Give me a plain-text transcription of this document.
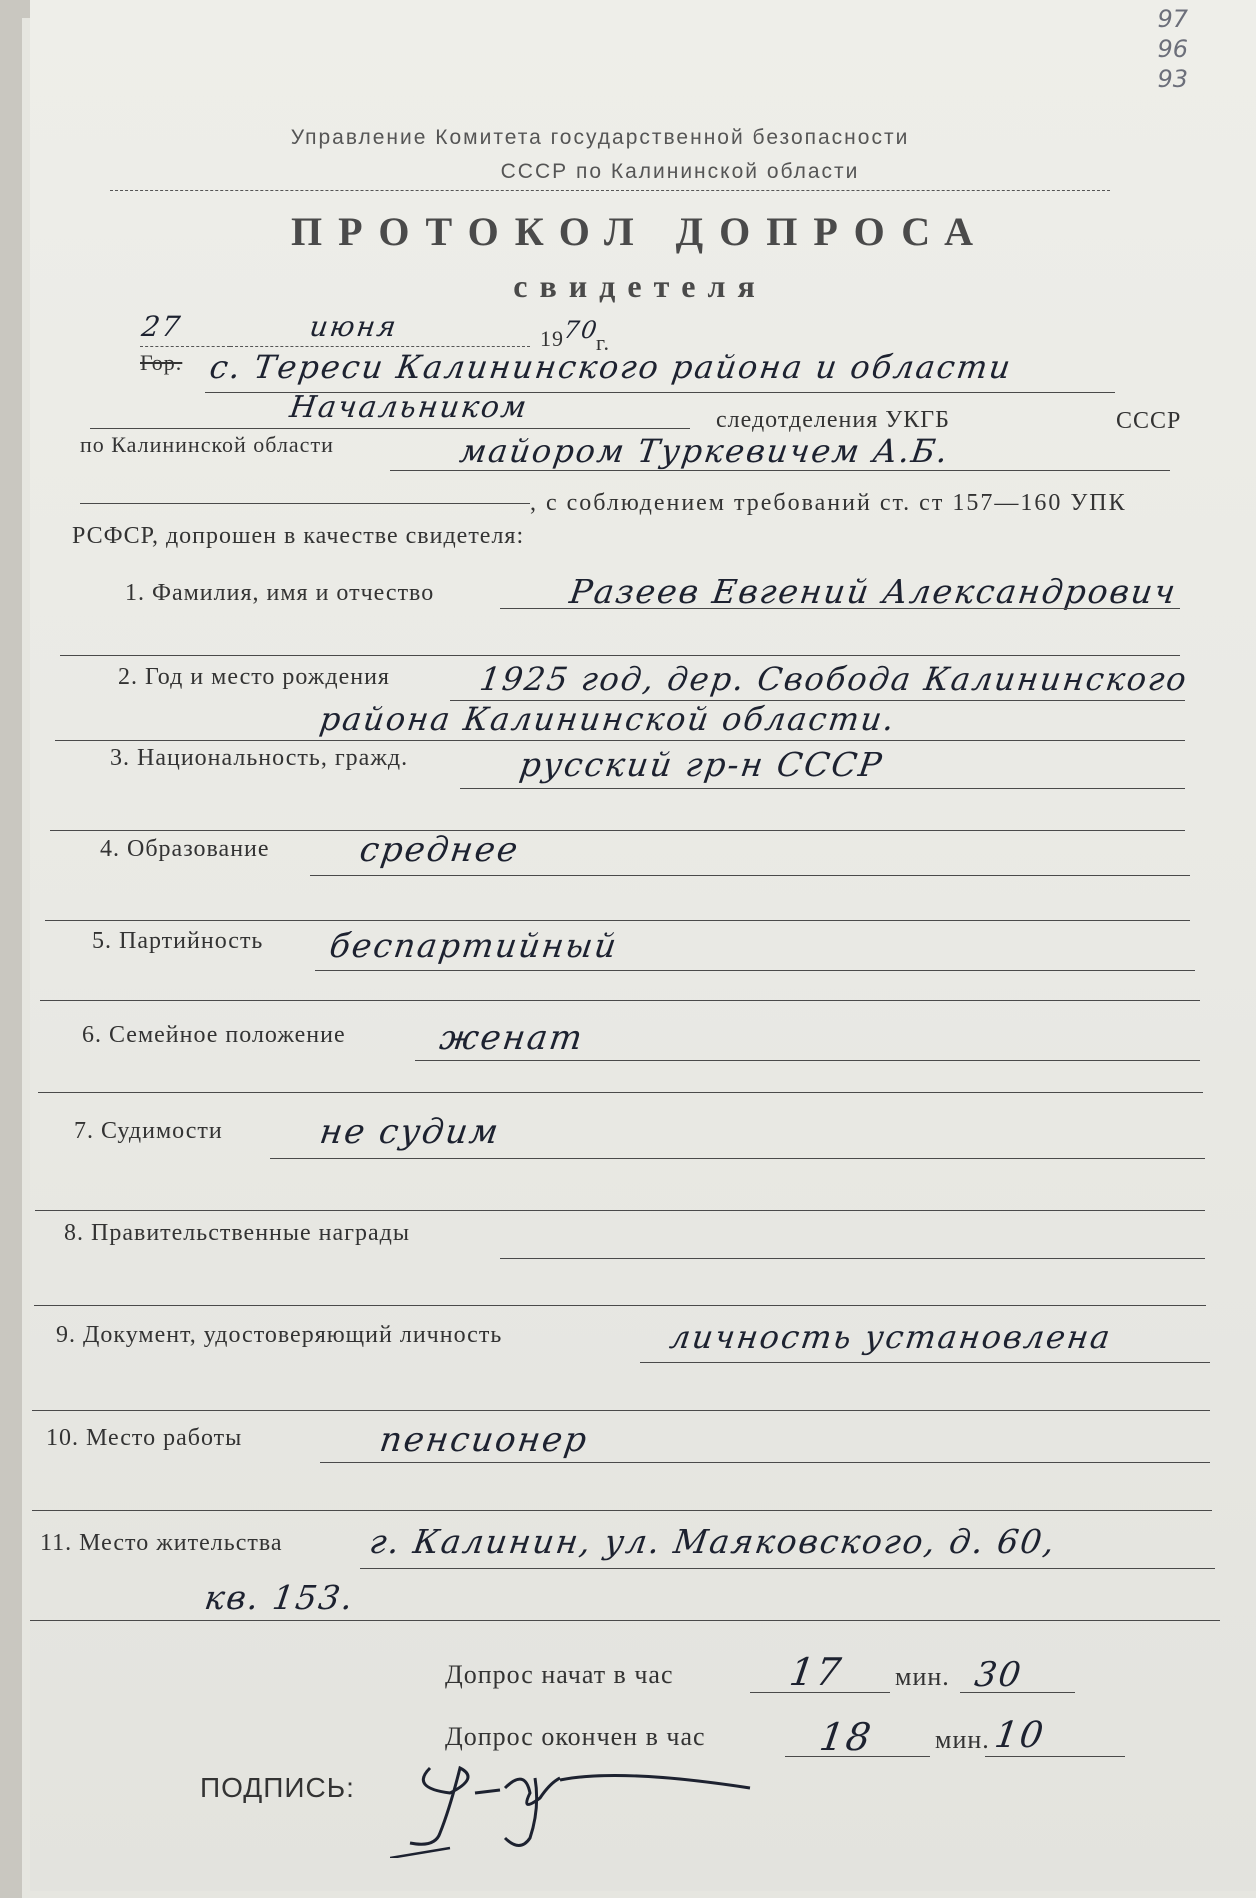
97
96
93
Управление Комитета государственной безопасности
СССР по Калининской области
ПРОТОКОЛ ДОПРОСА
свидетеля
27	июня	19
70
г.
Гор. с. Тереси Калининского района и области
Начальником	следотделения УКГБ	СССР
по Калининской области	майором Туркевичем А.Б.
, с соблюдением требований ст. ст 157—160 УПК
РСФСР, допрошен в качестве свидетеля:
1. Фамилия, имя и отчество	Разеев Евгений Александрович
2. Год и место рождения	1925 год, дер. Свобода Калининского
района Калининской области.
3. Национальность, гражд.	русский гр-н СССР
4. Образование	среднее
5. Партийность беспартийный
6. Семейное положение	женат
7. Судимости	не судим
8. Правительственные награды
9. Документ, удостоверяющий личность	личность установлена
10. Место работы	пенсионер
11. Место жительства	г. Калинин, ул. Маяковского, д. 60,
кв. 153.
Допрос начат в час	17 мин. 30
Допрос окончен в час	18 мин. 10
ПОДПИСЬ:
